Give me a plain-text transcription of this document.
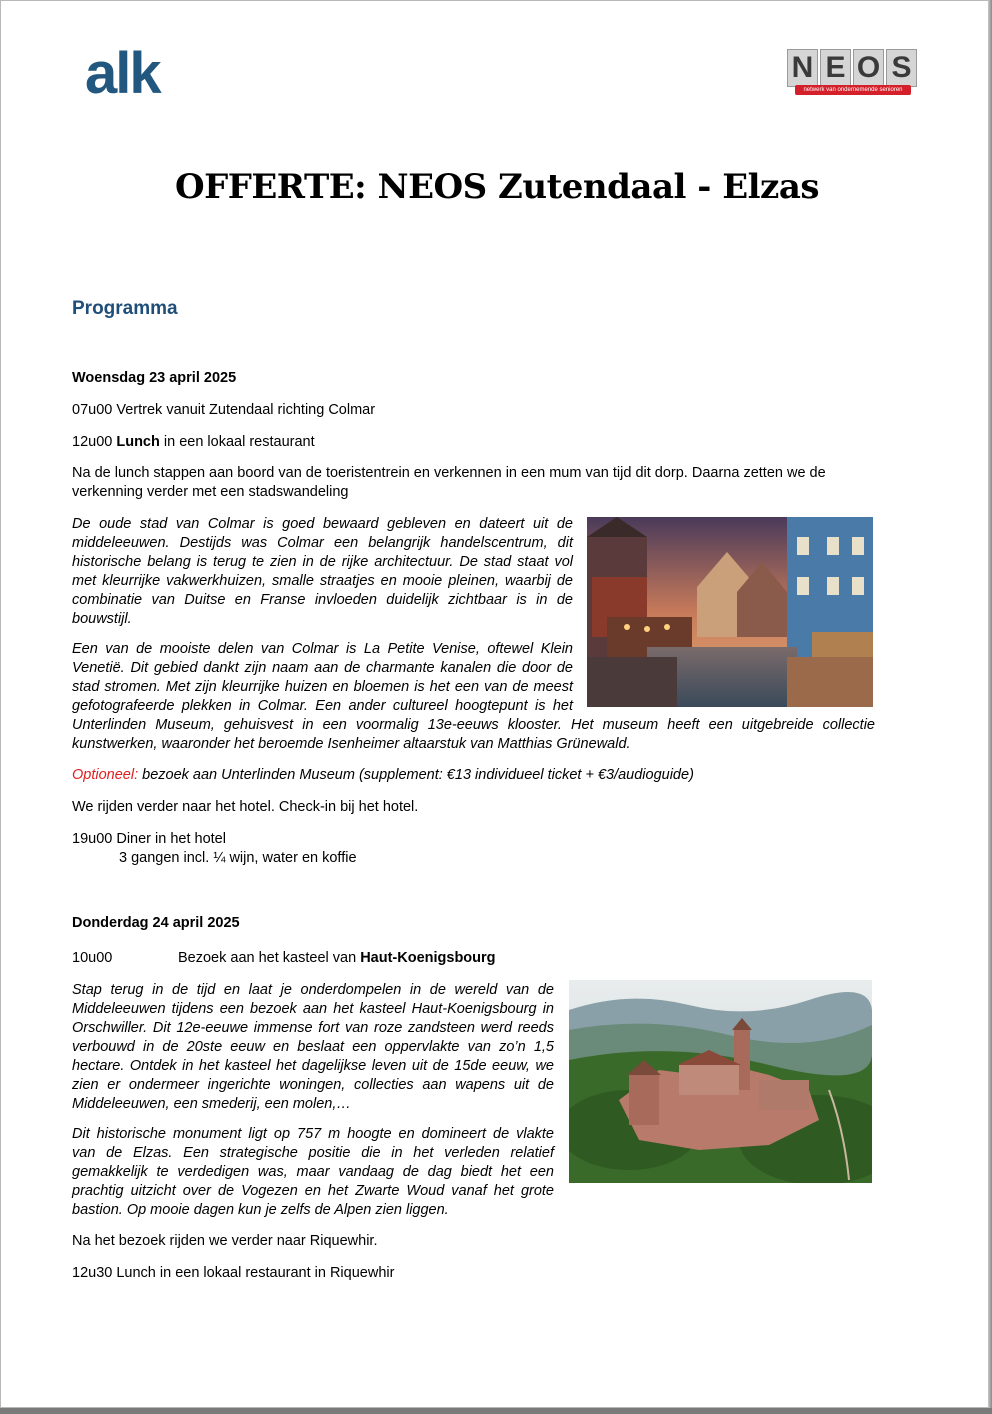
alk	N E O S
netwerk van ondernemende senioren
OFFERTE: NEOS Zutendaal - Elzas
Programma

Woensdag 23 april 2025

07u00 Vertrek vanuit Zutendaal richting Colmar

12u00 Lunch in een lokaal restaurant

Na de lunch stappen aan boord van de toeristentrein en verkennen in een mum van tijd dit dorp. Daarna zetten we de verkenning verder met een stadswandeling

De oude stad van Colmar is goed bewaard gebleven en dateert uit de
middeleeuwen. Destijds was Colmar een belangrijk handelscentrum, dit
historische belang is terug te zien in de rijke architectuur. De stad staat vol
met kleurrijke vakwerkhuizen, smalle straatjes en mooie pleinen, waarbij de
combinatie van Duitse en Franse invloeden duidelijk zichtbaar is in de
bouwstijl.
Een van de mooiste delen van Colmar is La Petite Venise, oftewel Klein
Venetië. Dit gebied dankt zijn naam aan de charmante kanalen die door de
stad stromen. Met zijn kleurrijke huizen en bloemen is het een van de meest
gefotografeerde plekken in Colmar. Een ander cultureel hoogtepunt is het
Unterlinden Museum, gehuisvest in een voormalig 13e-eeuws klooster. Het museum heeft een uitgebreide collectie
kunstwerken, waaronder het beroemde Isenheimer altaarstuk van Matthias Grünewald.

Optioneel: bezoek aan Unterlinden Museum (supplement: €13 individueel ticket + €3/audioguide)

We rijden verder naar het hotel. Check-in bij het hotel.

19u00 Diner in het hotel

3 gangen incl. ¼ wijn, water en koffie

Donderdag 24 april 2025

10u00	Bezoek aan het kasteel van Haut-Koenigsbourg

Stap terug in de tijd en laat je onderdompelen in de wereld van de
Middeleeuwen tijdens een bezoek aan het kasteel Haut-Koenigsbourg in
Orschwiller. Dit 12e-eeuwe immense fort van roze zandsteen werd reeds
verbouwd in de 20ste eeuw en beslaat een oppervlakte van zo’n 1,5
hectare. Ontdek in het kasteel het dagelijkse leven uit de 15de eeuw, we
zien er ondermeer ingerichte woningen, collecties aan wapens uit de
Middeleeuwen, een smederij, een molen,…
Dit historische monument ligt op 757 m hoogte en domineert de vlakte
van de Elzas. Een strategische positie die in het verleden relatief
gemakkelijk te verdedigen was, maar vandaag de dag biedt het een
prachtig uitzicht over de Vogezen en het Zwarte Woud vanaf het grote
bastion. Op mooie dagen kun je zelfs de Alpen zien liggen.

Na het bezoek rijden we verder naar Riquewhir.

12u30 Lunch in een lokaal restaurant in Riquewhir
